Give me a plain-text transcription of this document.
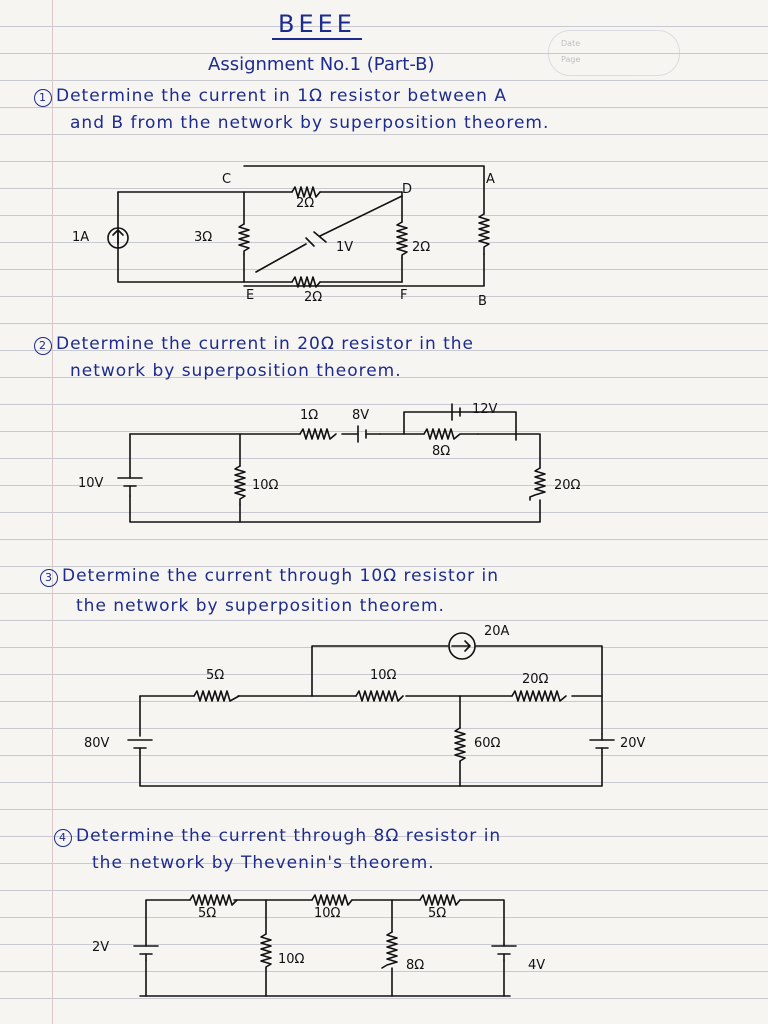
Date
Page
BEEE
Assignment No.1 (Part-B)
1 Determine the current in 1Ω resistor between A
and B from the network by superposition theorem.
2 Determine the current in 20Ω resistor in the
network by superposition theorem.
3 Determine the current through 10Ω resistor in
the network by superposition theorem.
4 Determine the current through 8Ω resistor in
the network by Thevenin's theorem.
C
D
A
E	F	B
1A	3Ω
2Ω
1V	2Ω
2Ω
1Ω	8V	12V
8Ω
10V	10Ω	20Ω
20A
5Ω	10Ω	20Ω
80V	60Ω	20V
5Ω	10Ω	5Ω
2V
10Ω	8Ω	4V
